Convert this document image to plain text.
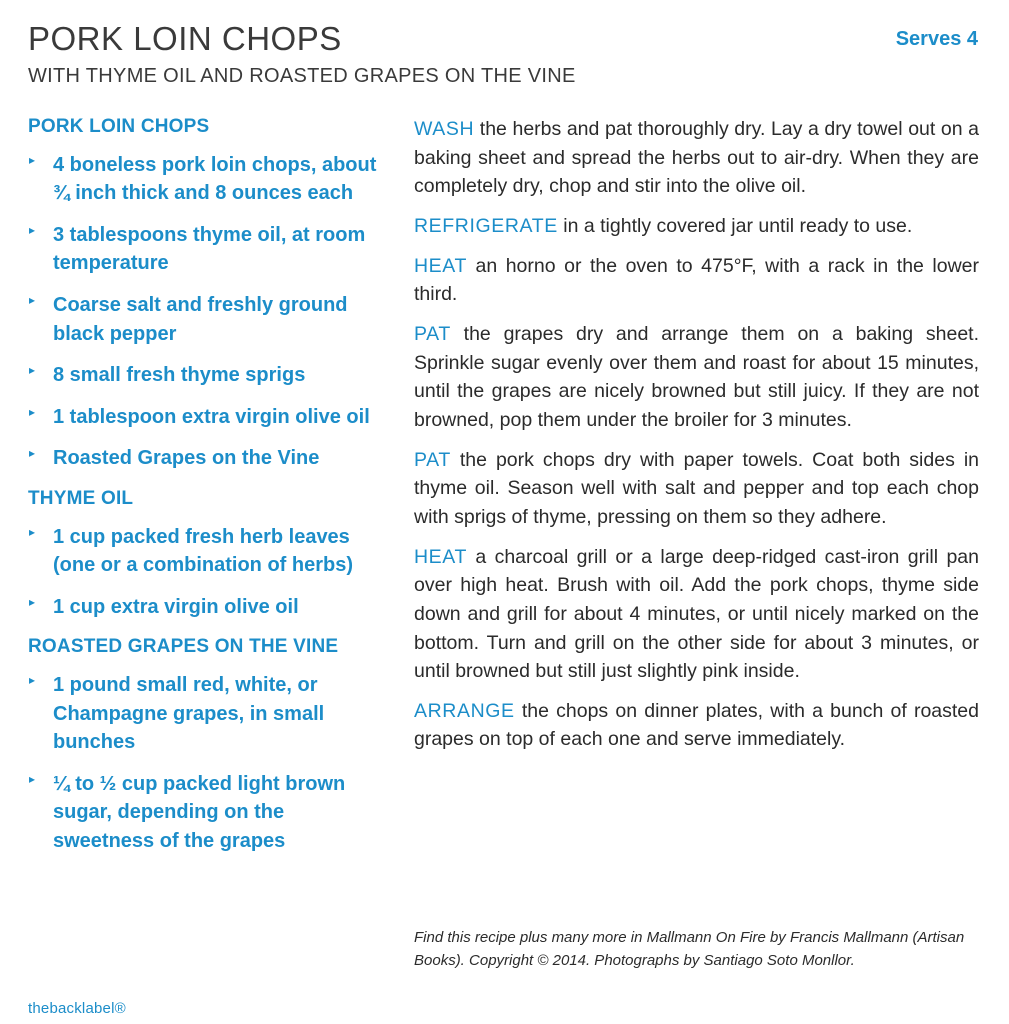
PORK LOIN CHOPS
WITH THYME OIL AND ROASTED GRAPES ON THE VINE
Serves 4
PORK LOIN CHOPS
▸ 4 boneless pork loin chops, about ¾ inch thick and 8 ounces each
▸ 3 tablespoons thyme oil, at room temperature
▸ Coarse salt and freshly ground black pepper
▸ 8 small fresh thyme sprigs
▸ 1 tablespoon extra virgin olive oil
▸ Roasted Grapes on the Vine
THYME OIL
▸ 1 cup packed fresh herb leaves (one or a combination of herbs)
▸ 1 cup extra virgin olive oil
ROASTED GRAPES ON THE VINE
▸ 1 pound small red, white, or Champagne grapes, in small bunches
▸ ¼ to ½ cup packed light brown sugar, depending on the sweetness of the grapes

WASH the herbs and pat thoroughly dry. Lay a dry towel out on a baking sheet and spread the herbs out to air-dry. When they are completely dry, chop and stir into the olive oil.

REFRIGERATE in a tightly covered jar until ready to use.

HEAT an horno or the oven to 475°F, with a rack in the lower third.

PAT the grapes dry and arrange them on a baking sheet. Sprinkle sugar evenly over them and roast for about 15 minutes, until the grapes are nicely browned but still juicy. If they are not browned, pop them under the broiler for 3 minutes.

PAT the pork chops dry with paper towels. Coat both sides in thyme oil. Season well with salt and pepper and top each chop with sprigs of thyme, pressing on them so they adhere.

HEAT a charcoal grill or a large deep-ridged cast-iron grill pan over high heat. Brush with oil. Add the pork chops, thyme side down and grill for about 4 minutes, or until nicely marked on the bottom. Turn and grill on the other side for about 3 minutes, or until browned but still just slightly pink inside.

ARRANGE the chops on dinner plates, with a bunch of roasted grapes on top of each one and serve immediately.

Find this recipe plus many more in Mallmann On Fire by Francis Mallmann (Artisan Books). Copyright © 2014. Photographs by Santiago Soto Monllor.
thebacklabel®
